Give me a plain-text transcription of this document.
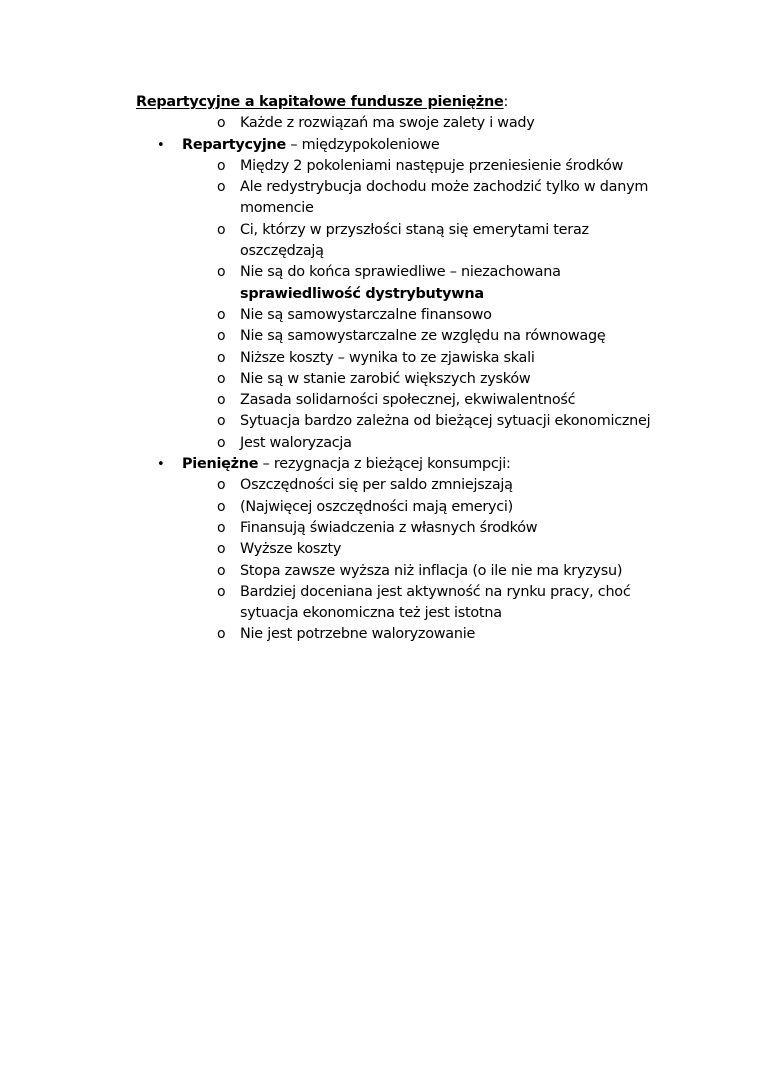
Repartycyjne a kapitałowe fundusze pieniężne:
o Każde z rozwiązań ma swoje zalety i wady
• Repartycyjne – międzypokoleniowe
o Między 2 pokoleniami następuje przeniesienie środków
o Ale redystrybucja dochodu może zachodzić tylko w danym momencie
o Ci, którzy w przyszłości staną się emerytami teraz oszczędzają
o Nie są do końca sprawiedliwe – niezachowana sprawiedliwość dystrybutywna
o Nie są samowystarczalne finansowo
o Nie są samowystarczalne ze względu na równowagę
o Niższe koszty – wynika to ze zjawiska skali
o Nie są w stanie zarobić większych zysków
o Zasada solidarności społecznej, ekwiwalentność
o Sytuacja bardzo zależna od bieżącej sytuacji ekonomicznej
o Jest waloryzacja
• Pieniężne – rezygnacja z bieżącej konsumpcji:
o Oszczędności się per saldo zmniejszają
o (Najwięcej oszczędności mają emeryci)
o Finansują świadczenia z własnych środków
o Wyższe koszty
o Stopa zawsze wyższa niż inflacja (o ile nie ma kryzysu)
o Bardziej doceniana jest aktywność na rynku pracy, choć sytuacja ekonomiczna też jest istotna
o Nie jest potrzebne waloryzowanie
